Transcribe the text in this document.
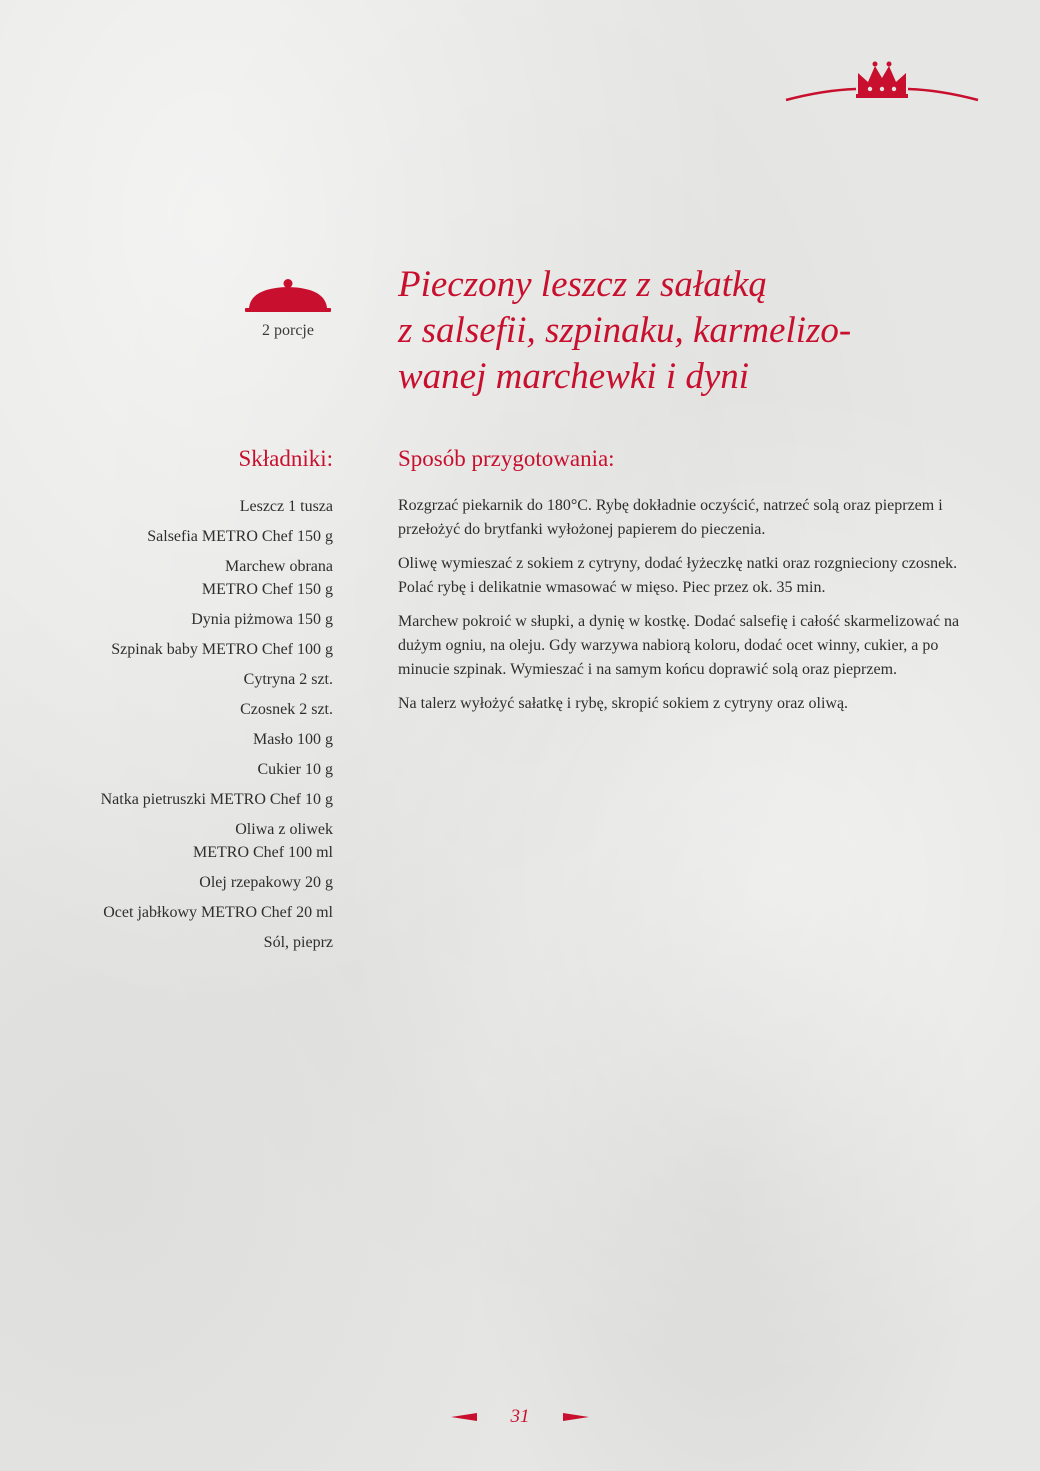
2 porcje
Pieczony leszcz z sałatką
z salsefii, szpinaku, karmelizo-
wanej marchewki i dyni
Składniki:
Leszcz 1 tusza
Salsefia METRO Chef 150 g
Marchew obrana
METRO Chef 150 g
Dynia piżmowa 150 g
Szpinak baby METRO Chef 100 g
Cytryna 2 szt.
Czosnek 2 szt.
Masło 100 g
Cukier 10 g
Natka pietruszki METRO Chef 10 g
Oliwa z oliwek
METRO Chef 100 ml
Olej rzepakowy 20 g
Ocet jabłkowy METRO Chef 20 ml
Sól, pieprz
Sposób przygotowania:

Rozgrzać piekarnik do 180°C. Rybę dokładnie oczyścić, natrzeć solą oraz pieprzem i przełożyć do brytfanki wyłożonej papierem do pieczenia.

Oliwę wymieszać z sokiem z cytryny, dodać łyżeczkę natki oraz rozgnieciony czosnek. Polać rybę i delikatnie wmasować w mięso. Piec przez ok. 35 min.

Marchew pokroić w słupki, a dynię w kostkę. Dodać salsefię i całość skarmelizować na dużym ogniu, na oleju. Gdy warzywa nabiorą koloru, dodać ocet winny, cukier, a po minucie szpinak. Wymieszać i na samym końcu doprawić solą oraz pieprzem.

Na talerz wyłożyć sałatkę i rybę, skropić sokiem z cytryny oraz oliwą.

31
